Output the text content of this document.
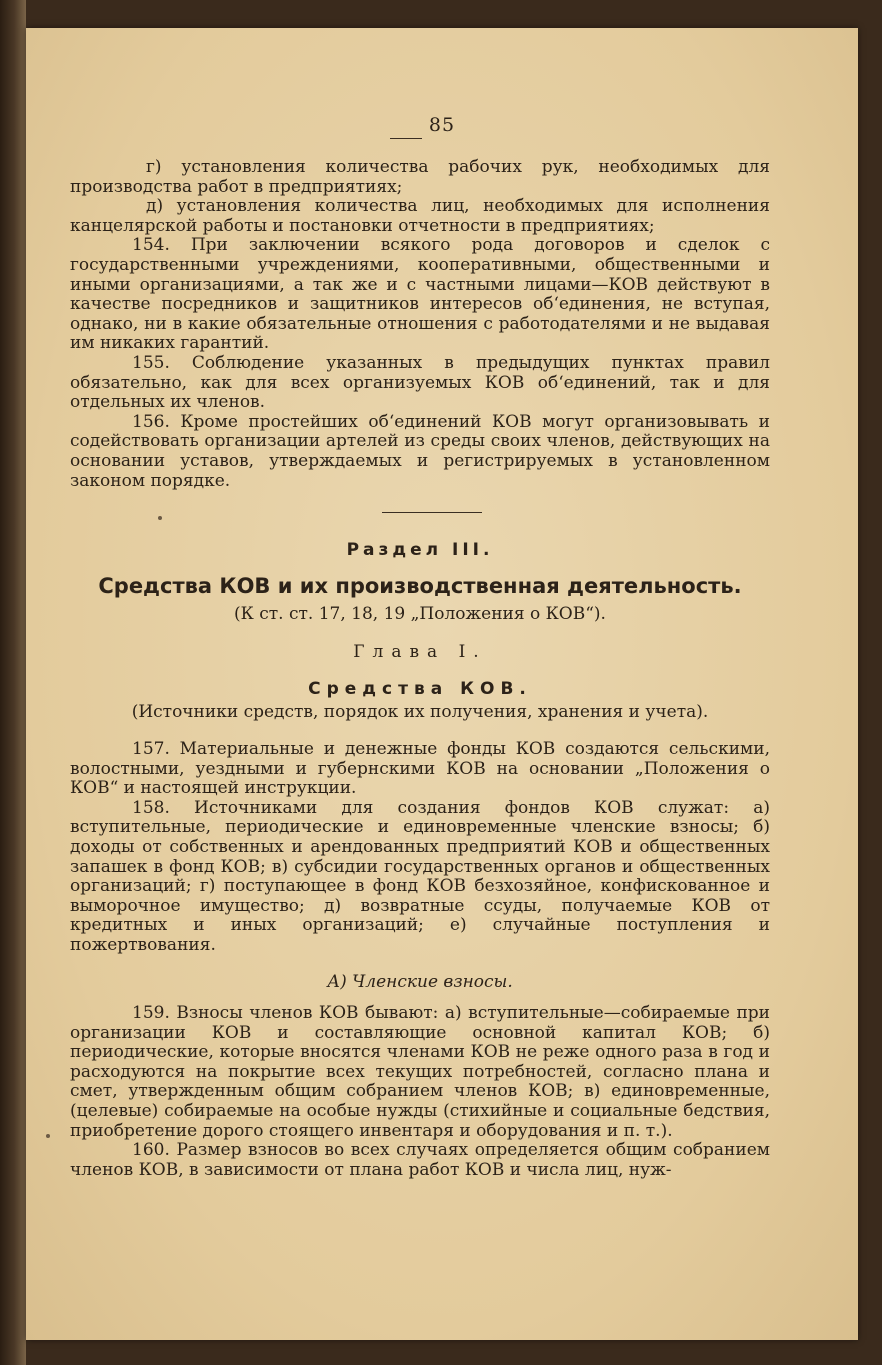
85

г) установления количества рабочих рук, необходимых для производства работ в предприятиях;

д) установления количества лиц, необходимых для исполнения канцелярской работы и постановки отчетности в предприятиях;

154. При заключении всякого рода договоров и сделок с государственными учреждениями, кооперативными, общественными и иными организациями, а так же и с частными лицами—КОВ действуют в качестве посредников и защитников интересов об‘единения, не вступая, однако, ни в какие обязательные отношения с работодателями и не выдавая им никаких гарантий.

155. Соблюдение указанных в предыдущих пунктах правил обязательно, как для всех организуемых КОВ об‘единений, так и для отдельных их членов.

156. Кроме простейших об‘единений КОВ могут организовывать и содействовать организации артелей из среды своих членов, действующих на основании уставов, утверждаемых и регистрируемых в установленном законом порядке.

Раздел III.
Средства КОВ и их производственная деятельность.
(К ст. ст. 17, 18, 19 „Положения о КОВ“).
Глава I.
Средства КОВ.
(Источники средств, порядок их получения, хранения и учета).

157. Материальные и денежные фонды КОВ создаются сельскими, волостными, уездными и губернскими КОВ на основании „Положения о КОВ“ и настоящей инструкции.

158. Источниками для создания фондов КОВ служат: а) вступительные, периодические и единовременные членские взносы; б) доходы от собственных и арендованных предприятий КОВ и общественных запашек в фонд КОВ; в) субсидии государственных органов и общественных организаций; г) поступающее в фонд КОВ безхозяйное, конфискованное и выморочное имущество; д) возвратные ссуды, получаемые КОВ от кредитных и иных организаций; е) случайные поступления и пожертвования.

А) Членские взносы.

159. Взносы членов КОВ бывают: а) вступительные—собираемые при организации КОВ и составляющие основной капитал КОВ; б) периодические, которые вносятся членами КОВ не реже одного раза в год и расходуются на покрытие всех текущих потребностей, согласно плана и смет, утвержденным общим собранием членов КОВ; в) единовременные, (целевые) собираемые на особые нужды (стихийные и социальные бедствия, приобретение дорого стоящего инвентаря и оборудования и п. т.).

160. Размер взносов во всех случаях определяется общим собранием членов КОВ, в зависимости от плана работ КОВ и числа лиц, нуж-
